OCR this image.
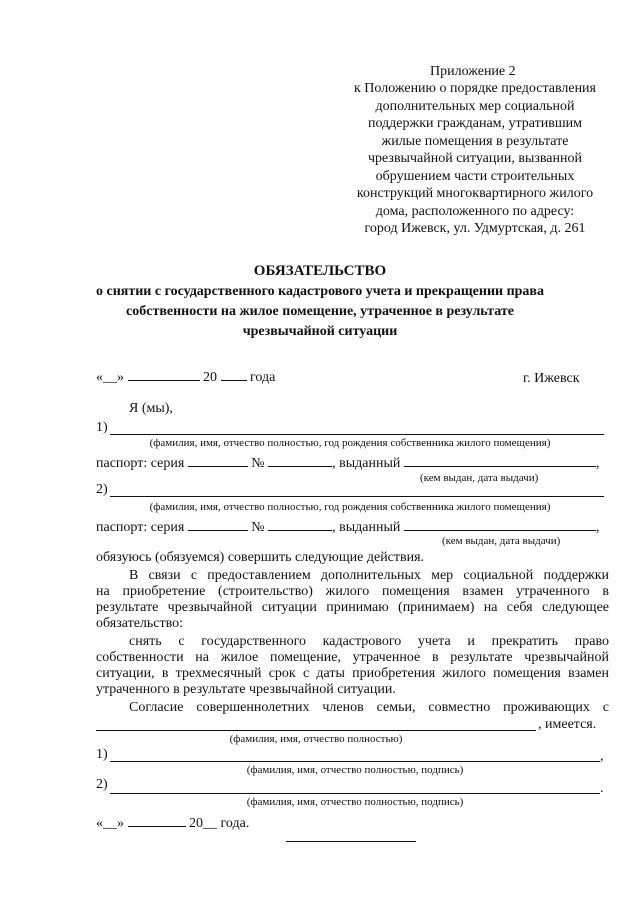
Приложение 2
к Положению о порядке предоставления
дополнительных мер социальной
поддержки гражданам, утратившим
жилые помещения в результате
чрезвычайной ситуации, вызванной
обрушением части строительных
конструкций многоквартирного жилого
дома, расположенного по адресу:
город Ижевск, ул. Удмуртская, д. 261
ОБЯЗАТЕЛЬСТВО
о снятии с государственного кадастрового учета и прекращении права
собственности на жилое помещение, утраченное в результате
чрезвычайной ситуации
«__»	20 года	г. Ижевск
Я (мы),
1)
(фамилия, имя, отчество полностью, год рождения собственника жилого помещения)
паспорт: серия	№	, выданный	,
(кем выдан, дата выдачи)
2)
(фамилия, имя, отчество полностью, год рождения собственника жилого помещения)
паспорт: серия	№	, выданный	,
(кем выдан, дата выдачи)
обязуюсь (обязуемся) совершить следующие действия.
В связи с предоставлением дополнительных мер социальной поддержки
на приобретение (строительство) жилого помещения взамен утраченного в
результате чрезвычайной ситуации принимаю (принимаем) на себя следующее
обязательство:
снять с государственного кадастрового учета и прекратить право
собственности на жилое помещение, утраченное в результате чрезвычайной
ситуации, в трехмесячный срок с даты приобретения жилого помещения взамен
утраченного в результате чрезвычайной ситуации.
Согласие совершеннолетних членов семьи, совместно проживающих с
, имеется.
(фамилия, имя, отчество полностью)
1)	,
(фамилия, имя, отчество полностью, подпись)
2)	.
(фамилия, имя, отчество полностью, подпись)
«__»	20__ года.
